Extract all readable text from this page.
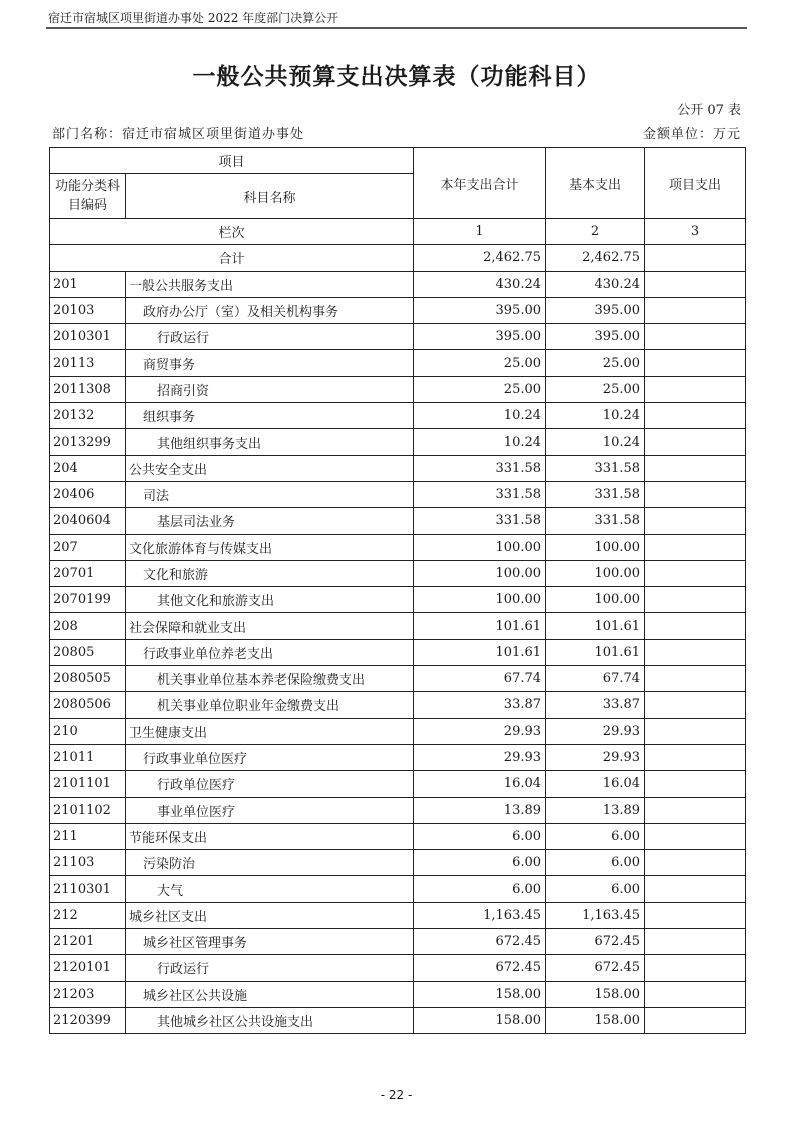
宿迁市宿城区项里街道办事处 2022 年度部门决算公开
一般公共预算支出决算表（功能科目）
公开 07 表
部门名称：宿迁市宿城区项里街道办事处	金额单位：万元
项目		本年支出合计	基本支出	项目支出
功能分类科目编码	科目名称			
栏次		1	2	3
合计		2,462.75	2,462.75	
201	一般公共服务支出	430.24	430.24	
20103	政府办公厅（室）及相关机构事务	395.00	395.00	
2010301	行政运行	395.00	395.00	
20113	商贸事务	25.00	25.00	
2011308	招商引资	25.00	25.00	
20132	组织事务	10.24	10.24	
2013299	其他组织事务支出	10.24	10.24	
204	公共安全支出	331.58	331.58	
20406	司法	331.58	331.58	
2040604	基层司法业务	331.58	331.58	
207	文化旅游体育与传媒支出	100.00	100.00	
20701	文化和旅游	100.00	100.00	
2070199	其他文化和旅游支出	100.00	100.00	
208	社会保障和就业支出	101.61	101.61	
20805	行政事业单位养老支出	101.61	101.61	
2080505	机关事业单位基本养老保险缴费支出	67.74	67.74	
2080506	机关事业单位职业年金缴费支出	33.87	33.87	
210	卫生健康支出	29.93	29.93	
21011	行政事业单位医疗	29.93	29.93	
2101101	行政单位医疗	16.04	16.04	
2101102	事业单位医疗	13.89	13.89	
211	节能环保支出	6.00	6.00	
21103	污染防治	6.00	6.00	
2110301	大气	6.00	6.00	
212	城乡社区支出	1,163.45	1,163.45	
21201	城乡社区管理事务	672.45	672.45	
2120101	行政运行	672.45	672.45	
21203	城乡社区公共设施	158.00	158.00	
2120399	其他城乡社区公共设施支出	158.00	158.00	
- 22 -
